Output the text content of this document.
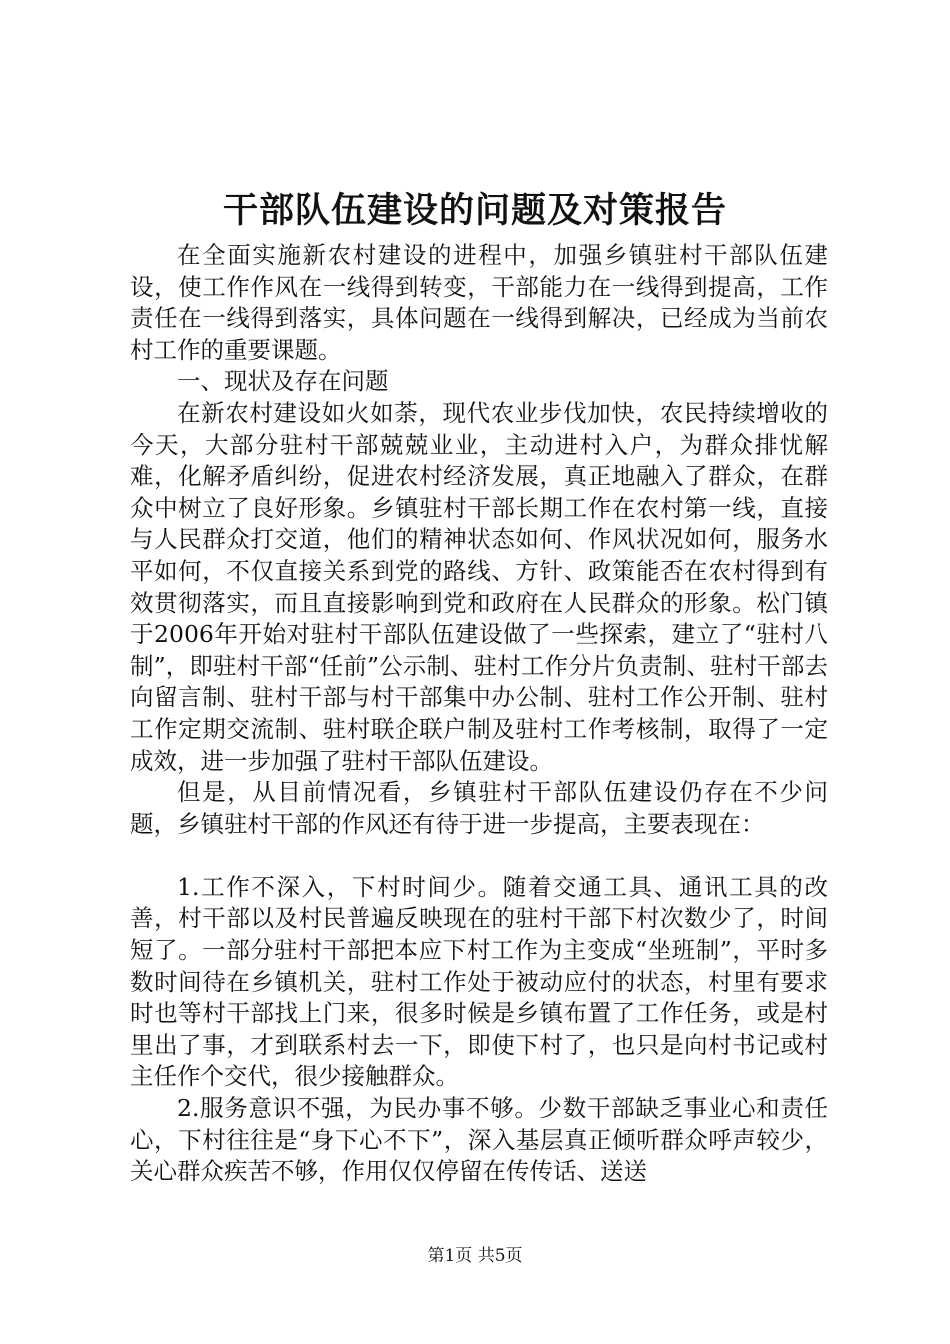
干部队伍建设的问题及对策报告

在全面实施新农村建设的进程中，加强乡镇驻村干部队伍建设，使工作作风在一线得到转变，干部能力在一线得到提高，工作责任在一线得到落实，具体问题在一线得到解决，已经成为当前农村工作的重要课题。

一、现状及存在问题

在新农村建设如火如荼，现代农业步伐加快，农民持续增收的今天，大部分驻村干部兢兢业业，主动进村入户，为群众排忧解难，化解矛盾纠纷，促进农村经济发展，真正地融入了群众，在群众中树立了良好形象。乡镇驻村干部长期工作在农村第一线，直接与人民群众打交道，他们的精神状态如何、作风状况如何，服务水平如何，不仅直接关系到党的路线、方针、政策能否在农村得到有效贯彻落实，而且直接影响到党和政府在人民群众的形象。松门镇于2006年开始对驻村干部队伍建设做了一些探索，建立了“驻村八制”，即驻村干部“任前”公示制、驻村工作分片负责制、驻村干部去向留言制、驻村干部与村干部集中办公制、驻村工作公开制、驻村工作定期交流制、驻村联企联户制及驻村工作考核制，取得了一定成效，进一步加强了驻村干部队伍建设。

但是，从目前情况看，乡镇驻村干部队伍建设仍存在不少问题，乡镇驻村干部的作风还有待于进一步提高，主要表现在：

1.工作不深入，下村时间少。随着交通工具、通讯工具的改善，村干部以及村民普遍反映现在的驻村干部下村次数少了，时间短了。一部分驻村干部把本应下村工作为主变成“坐班制”，平时多数时间待在乡镇机关，驻村工作处于被动应付的状态，村里有要求时也等村干部找上门来，很多时候是乡镇布置了工作任务，或是村里出了事，才到联系村去一下，即使下村了，也只是向村书记或村主任作个交代，很少接触群众。

2.服务意识不强，为民办事不够。少数干部缺乏事业心和责任心，下村往往是“身下心不下”，深入基层真正倾听群众呼声较少，关心群众疾苦不够，作用仅仅停留在传传话、送送

第1页 共5页
